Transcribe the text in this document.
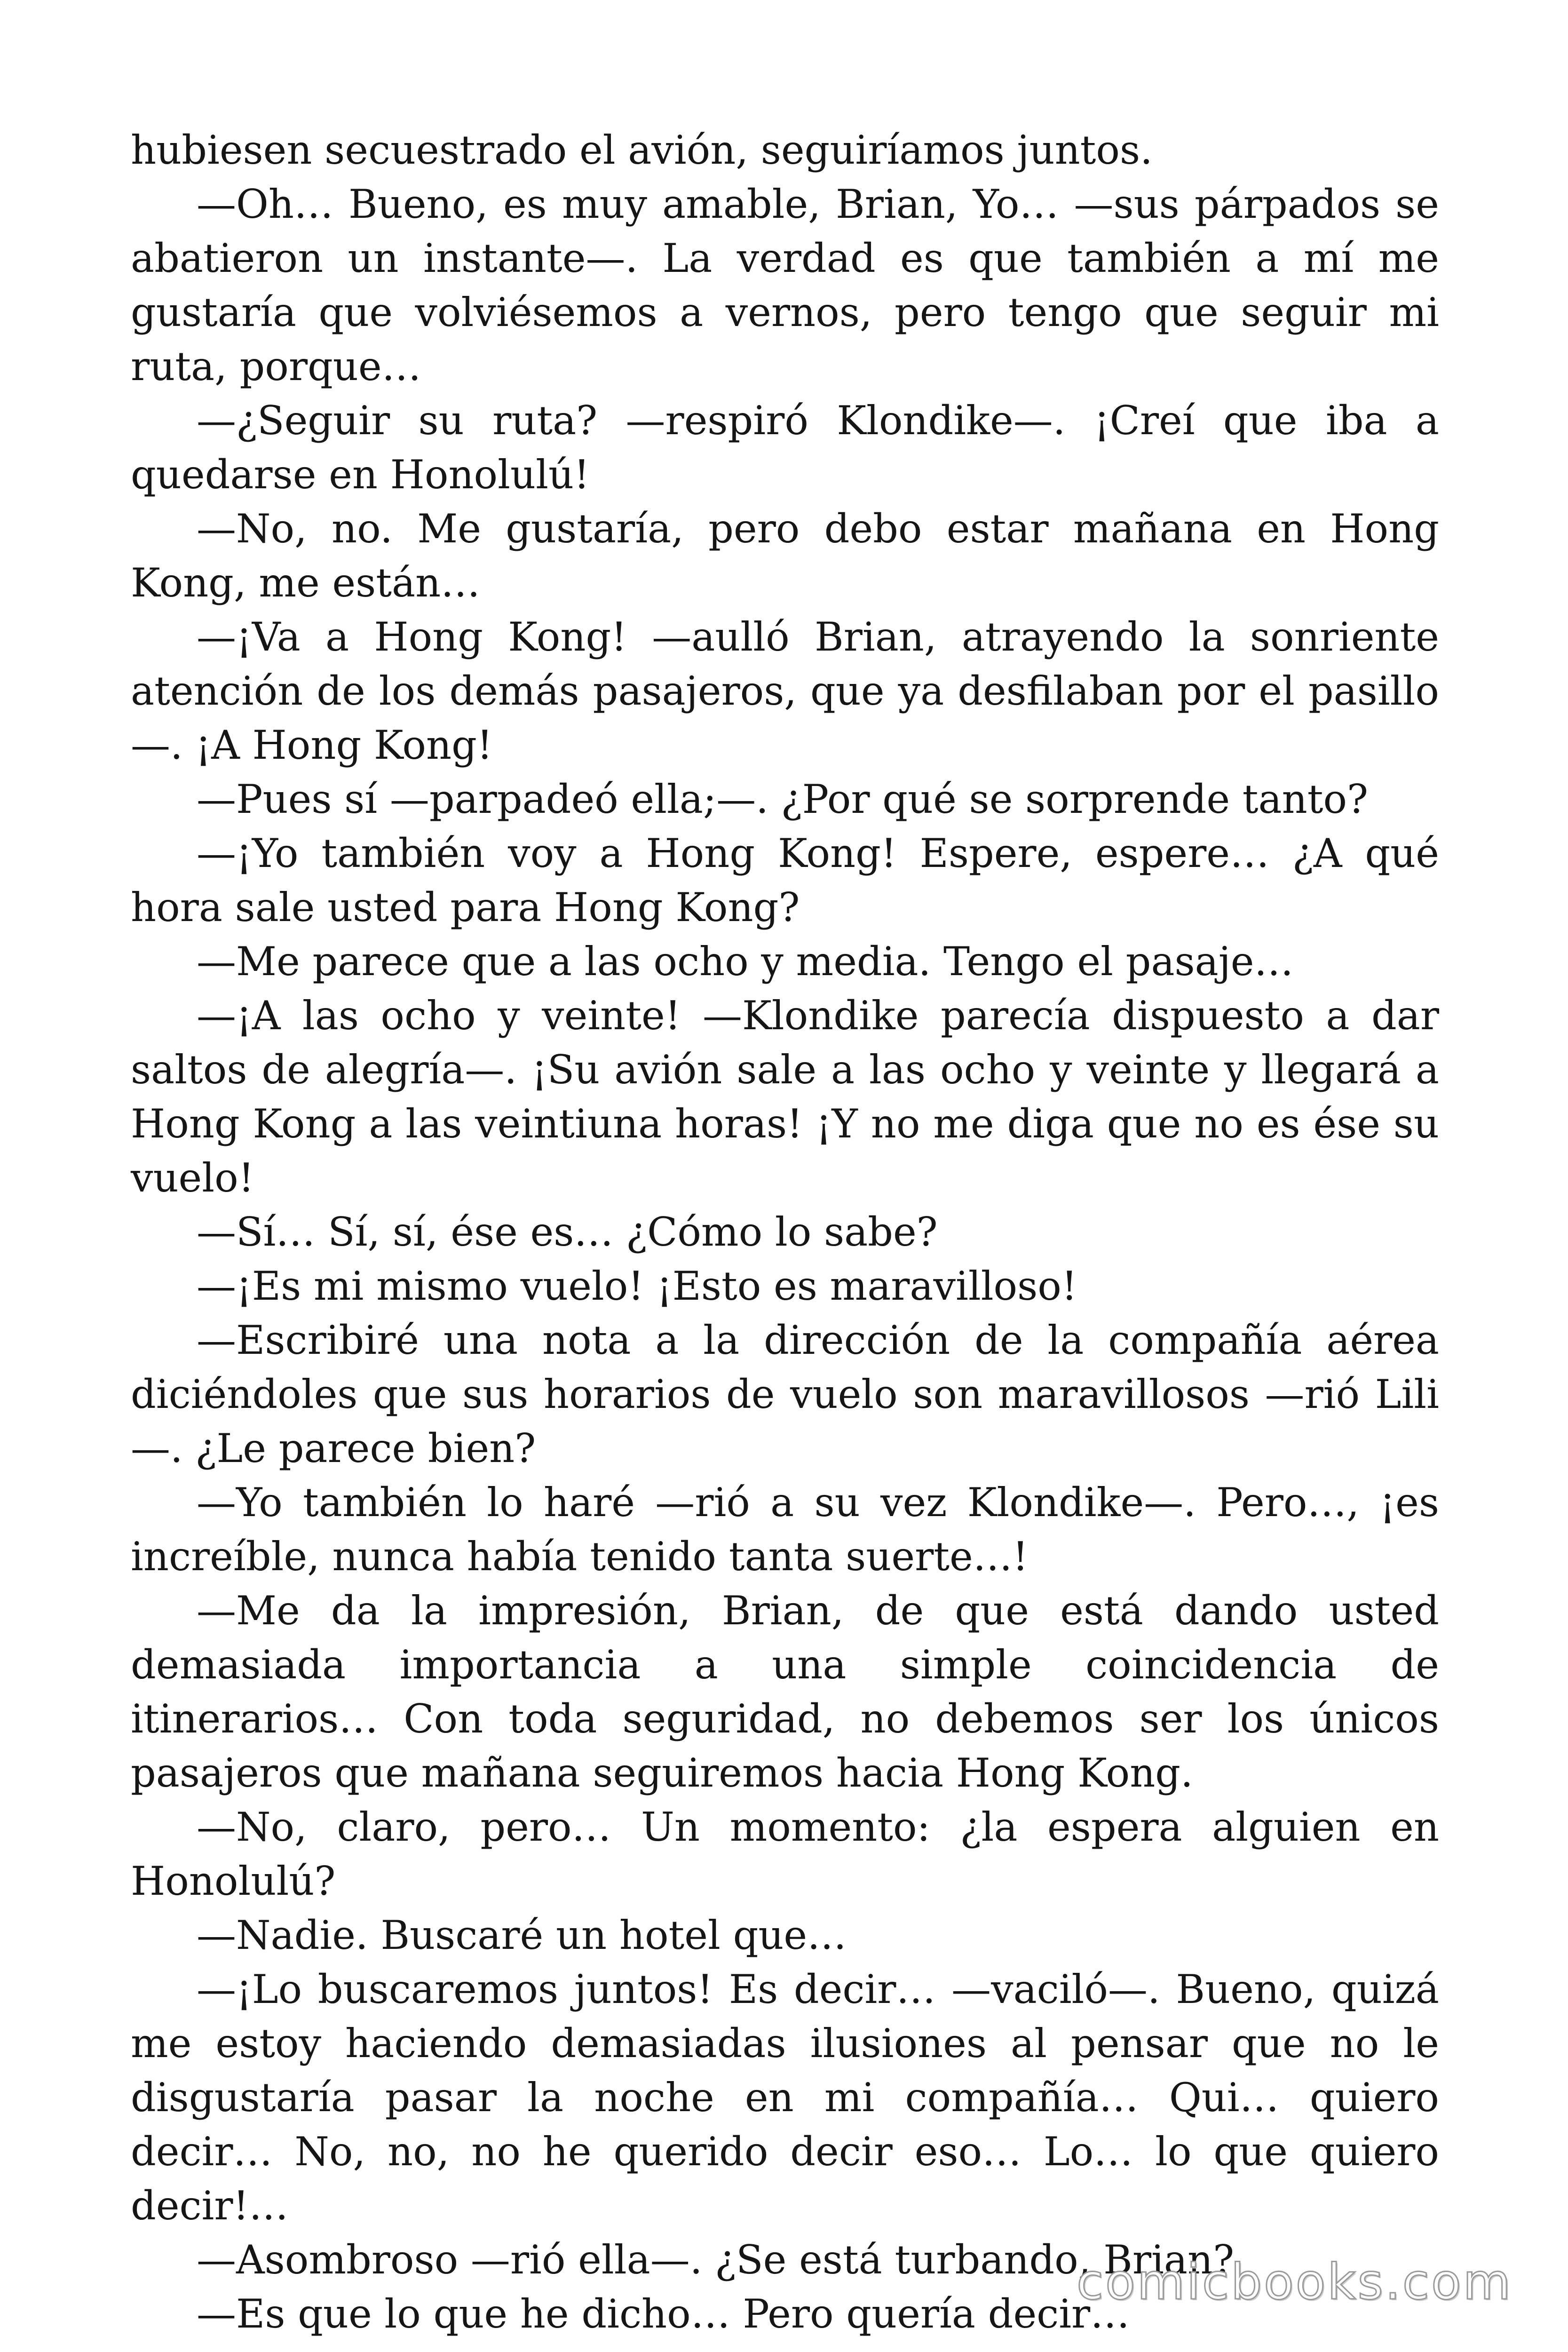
hubiesen secuestrado el avión, seguiríamos juntos.

—Oh… Bueno, es muy amable, Brian, Yo… —sus párpados se abatieron un instante—. La verdad es que también a mí me gustaría que volviésemos a vernos, pero tengo que seguir mi ruta, porque…

—¿Seguir su ruta? —respiró Klondike—. ¡Creí que iba a quedarse en Honolulú!

—No, no. Me gustaría, pero debo estar mañana en Hong Kong, me están…

—¡Va a Hong Kong! —aulló Brian, atrayendo la sonriente atención de los demás pasajeros, que ya desfilaban por el pasillo—. ¡A Hong Kong!

—Pues sí —parpadeó ella;—. ¿Por qué se sorprende tanto?

—¡Yo también voy a Hong Kong! Espere, espere… ¿A qué hora sale usted para Hong Kong?

—Me parece que a las ocho y media. Tengo el pasaje…

—¡A las ocho y veinte! —Klondike parecía dispuesto a dar saltos de alegría—. ¡Su avión sale a las ocho y veinte y llegará a Hong Kong a las veintiuna horas! ¡Y no me diga que no es ése su vuelo!

—Sí… Sí, sí, ése es… ¿Cómo lo sabe?

—¡Es mi mismo vuelo! ¡Esto es maravilloso!

—Escribiré una nota a la dirección de la compañía aérea diciéndoles que sus horarios de vuelo son maravillosos —rió Lili—. ¿Le parece bien?

—Yo también lo haré —rió a su vez Klondike—. Pero…, ¡es increíble, nunca había tenido tanta suerte…!

—Me da la impresión, Brian, de que está dando usted demasiada importancia a una simple coincidencia de itinerarios… Con toda seguridad, no debemos ser los únicos pasajeros que mañana seguiremos hacia Hong Kong.

—No, claro, pero… Un momento: ¿la espera alguien en Honolulú?

—Nadie. Buscaré un hotel que…

—¡Lo buscaremos juntos! Es decir… —vaciló—. Bueno, quizá me estoy haciendo demasiadas ilusiones al pensar que no le disgustaría pasar la noche en mi compañía… Qui… quiero decir… No, no, no he querido decir eso… Lo… lo que quiero decir!…

—Asombroso —rió ella—. ¿Se está turbando, Brian?

—Es que lo que he dicho… Pero quería decir…

comicbooks.com
